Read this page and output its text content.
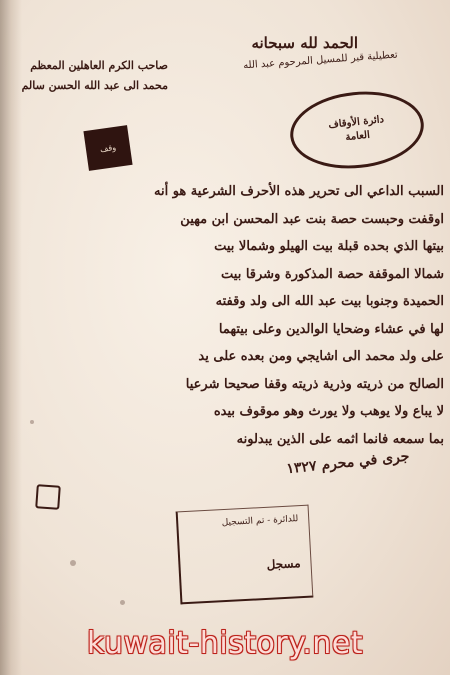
الحمد لله سبحانه
تعطيلية قبر للمسيل المرحوم عبد الله
صاحب الكرم العاهلين المعظم
محمد الى عبد الله الحسن سالم
دائرة الأوقاف
العامة
وقف
السبب الداعي الى تحرير هذه الأحرف الشرعية هو أنه
اوقفت وحبست حصة بنت عبد المحسن ابن مهين
بيتها الذي بحده قبلة بيت الهيلو وشمالا بيت
شمالا الموقفة حصة المذكورة وشرقا بيت
الحميدة وجنوبا بيت عبد الله الى ولد وقفته
لها في عشاء وضحايا الوالدين وعلى بيتهما
على ولد محمد الى اشايجي ومن بعده على يد
الصالح من ذريته وذرية ذريته وقفا صحيحا شرعيا
لا يباع ولا يوهب ولا يورث وهو موقوف بيده
بما سمعه فانما اثمه على الذين يبدلونه
جرى في محرم ١٣٢٧
للدائرة - تم التسجيل
مسجل
kuwait-history.net
